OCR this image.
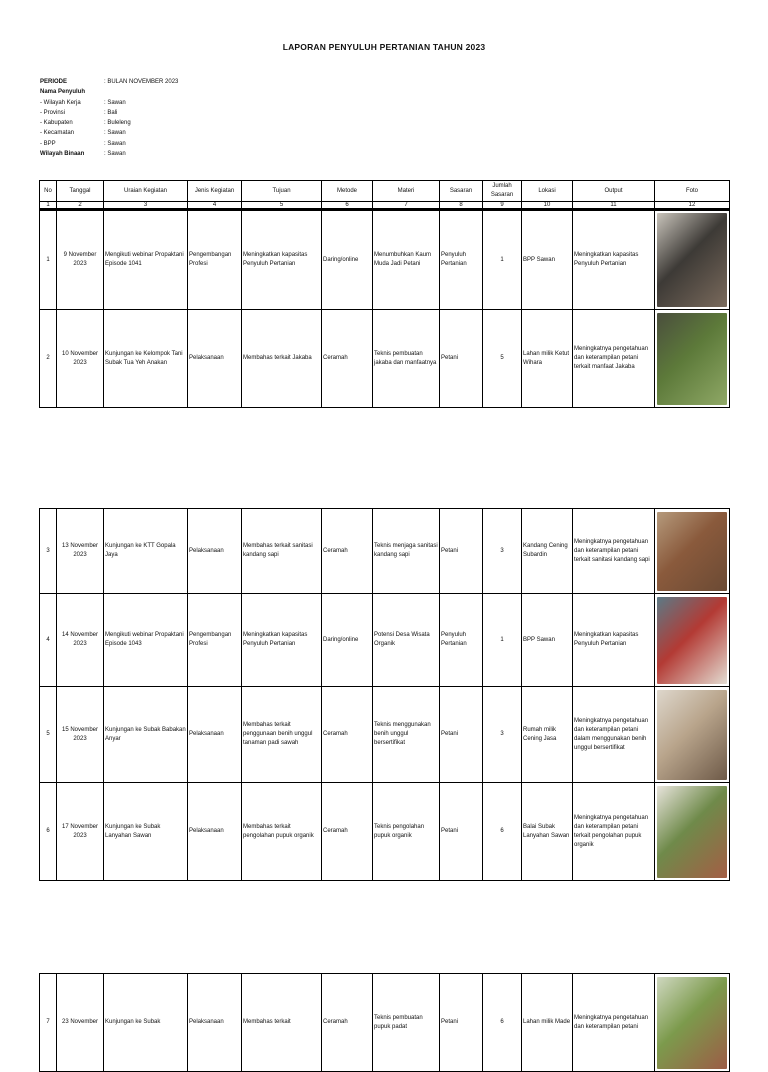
LAPORAN PENYULUH PERTANIAN TAHUN 2023
PERIODE	: BULAN NOVEMBER 2023
Nama Penyuluh
- Wilayah Kerja	: Sawan
- Provinsi	: Bali
- Kabupaten	: Buleleng
- Kecamatan	: Sawan
- BPP	: Sawan
Wilayah Binaan	: Sawan
No	Tanggal	Uraian Kegiatan	Jenis Kegiatan	Tujuan	Metode	Materi	Sasaran	Jumlah Sasaran	Lokasi	Output	Foto
1	2	3	4	5	6	7	8	9	10	11	12
1	9 November 2023	Mengikuti webinar Propaktani Episode 1041	Pengembangan Profesi	Meningkatkan kapasitas Penyuluh Pertanian	Daring/online	Menumbuhkan Kaum Muda Jadi Petani	Penyuluh Pertanian	1	BPP Sawan	Meningkatkan kapasitas Penyuluh Pertanian	

2	10 November 2023	Kunjungan ke Kelompok Tani Subak Tua Yeh Anakan	Pelaksanaan	Membahas terkait Jakaba	Ceramah	Teknis pembuatan jakaba dan manfaatnya	Petani	5	Lahan milik Ketut Wihara	Meningkatnya pengetahuan dan keterampilan petani terkait manfaat Jakaba	
3	13 November 2023	Kunjungan ke KTT Gopala Jaya	Pelaksanaan	Membahas terkait sanitasi kandang sapi	Ceramah	Teknis menjaga sanitasi kandang sapi	Petani	3	Kandang Cening Subardin	Meningkatnya pengetahuan dan keterampilan petani terkait sanitasi kandang sapi	

4	14 November 2023	Mengikuti webinar Propaktani Episode 1043	Pengembangan Profesi	Meningkatkan kapasitas Penyuluh Pertanian	Daring/online	Potensi Desa Wisata Organik	Penyuluh Pertanian	1	BPP Sawan	Meningkatkan kapasitas Penyuluh Pertanian	

5	15 November 2023	Kunjungan ke Subak Babakan Anyar	Pelaksanaan	Membahas terkait penggunaan benih unggul tanaman padi sawah	Ceramah	Teknis menggunakan benih unggul bersertifikat	Petani	3	Rumah milik Cening Jasa	Meningkatnya pengetahuan dan keterampilan petani dalam menggunakan benih unggul bersertifikat	

6	17 November 2023	Kunjungan ke Subak Lanyahan Sawan	Pelaksanaan	Membahas terkait pengolahan pupuk organik	Ceramah	Teknis pengolahan pupuk organik	Petani	6	Balai Subak Lanyahan Sawan	Meningkatnya pengetahuan dan keterampilan petani terkait pengolahan pupuk organik	
7	23 November	Kunjungan ke Subak	Pelaksanaan	Membahas terkait	Ceramah	Teknis pembuatan pupuk padat	Petani	6	Lahan milik Made	Meningkatnya pengetahuan dan keterampilan petani	
